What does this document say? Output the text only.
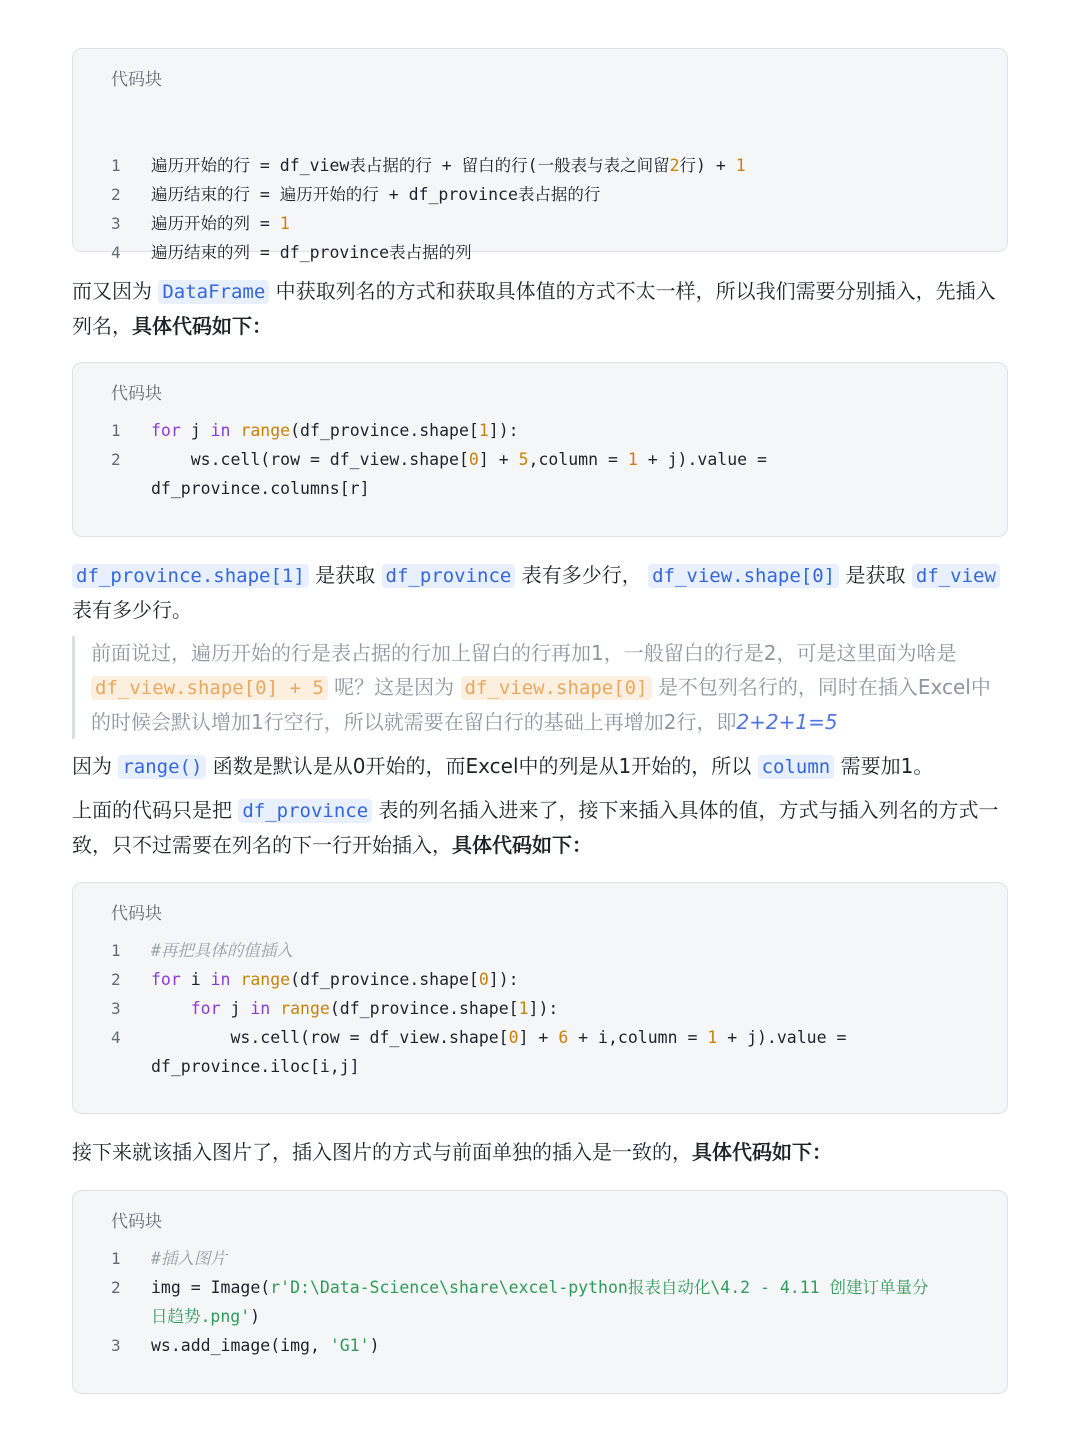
代码块
1	遍历开始的行 = df_view表占据的行 + 留白的行(一般表与表之间留2行) + 1
2	遍历结束的行 = 遍历开始的行 + df_province表占据的行
3	遍历开始的列 = 1
4	遍历结束的列 = df_province表占据的列
而又因为 DataFrame 中获取列名的方式和获取具体值的方式不太一样，所以我们需要分别插入，先插入列名，具体代码如下：
代码块
1	for j in range(df_province.shape[1]):
2	ws.cell(row = df_view.shape[0] + 5,column = 1 + j).value =
df_province.columns[r]
df_province.shape[1] 是获取 df_province 表有多少行， df_view.shape[0] 是获取 df_view 表有多少行。
前面说过，遍历开始的行是表占据的行加上留白的行再加1，一般留白的行是2，可是这里面为啥是 df_view.shape[0] + 5 呢？这是因为 df_view.shape[0] 是不包列名行的，同时在插入Excel中的时候会默认增加1行空行，所以就需要在留白行的基础上再增加2行，即2+2+1=5
因为 range() 函数是默认是从0开始的，而Excel中的列是从1开始的，所以 column 需要加1。
上面的代码只是把 df_province 表的列名插入进来了，接下来插入具体的值，方式与插入列名的方式一致，只不过需要在列名的下一行开始插入，具体代码如下：
代码块
1	#再把具体的值插入
2	for i in range(df_province.shape[0]):
3	for j in range(df_province.shape[1]):
4	ws.cell(row = df_view.shape[0] + 6 + i,column = 1 + j).value =
df_province.iloc[i,j]
接下来就该插入图片了，插入图片的方式与前面单独的插入是一致的，具体代码如下：
代码块
1	#插入图片
2	img = Image(r'D:\Data-Science\share\excel-python报表自动化\4.2 - 4.11 创建订单量分
日趋势.png')
3	ws.add_image(img, 'G1')
